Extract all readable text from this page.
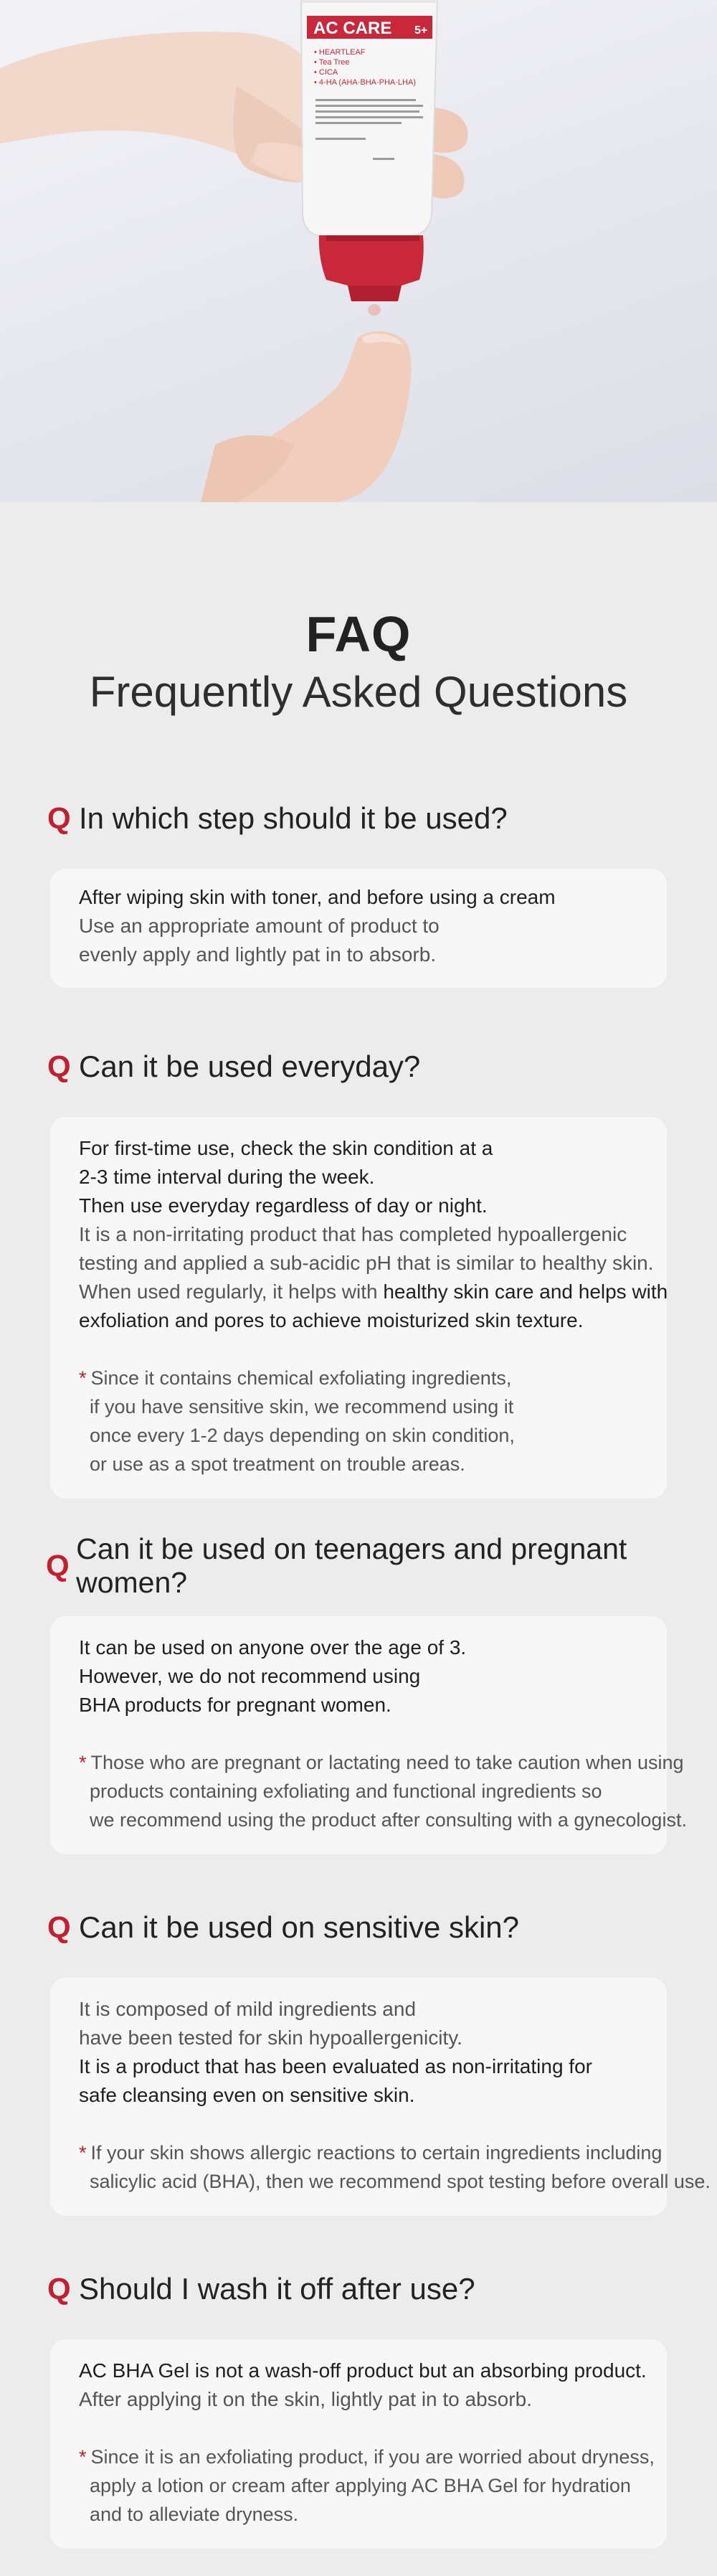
AC CARE 5+
• HEARTLEAF
• Tea Tree
• CICA
• 4-HA (AHA·BHA·PHA·LHA)
FAQ

Frequently Asked Questions

Q In which step should it be used?
After wiping skin with toner, and before using a cream
Use an appropriate amount of product to
evenly apply and lightly pat in to absorb.
Q Can it be used everyday?
For first-time use, check the skin condition at a
2-3 time interval during the week.
Then use everyday regardless of day or night.
It is a non-irritating product that has completed hypoallergenic
testing and applied a sub-acidic pH that is similar to healthy skin.
When used regularly, it helps with healthy skin care and helps with
exfoliation and pores to achieve moisturized skin texture.
* Since it contains chemical exfoliating ingredients,
if you have sensitive skin, we recommend using it
once every 1-2 days depending on skin condition,
or use as a spot treatment on trouble areas.
Q Can it be used on teenagers and pregnant women?
It can be used on anyone over the age of 3.
However, we do not recommend using
BHA products for pregnant women.
* Those who are pregnant or lactating need to take caution when using
products containing exfoliating and functional ingredients so
we recommend using the product after consulting with a gynecologist.
Q Can it be used on sensitive skin?
It is composed of mild ingredients and
have been tested for skin hypoallergenicity.
It is a product that has been evaluated as non-irritating for
safe cleansing even on sensitive skin.
* If your skin shows allergic reactions to certain ingredients including
salicylic acid (BHA), then we recommend spot testing before overall use.
Q Should I wash it off after use?
AC BHA Gel is not a wash-off product but an absorbing product.
After applying it on the skin, lightly pat in to absorb.
* Since it is an exfoliating product, if you are worried about dryness,
apply a lotion or cream after applying AC BHA Gel for hydration
and to alleviate dryness.
